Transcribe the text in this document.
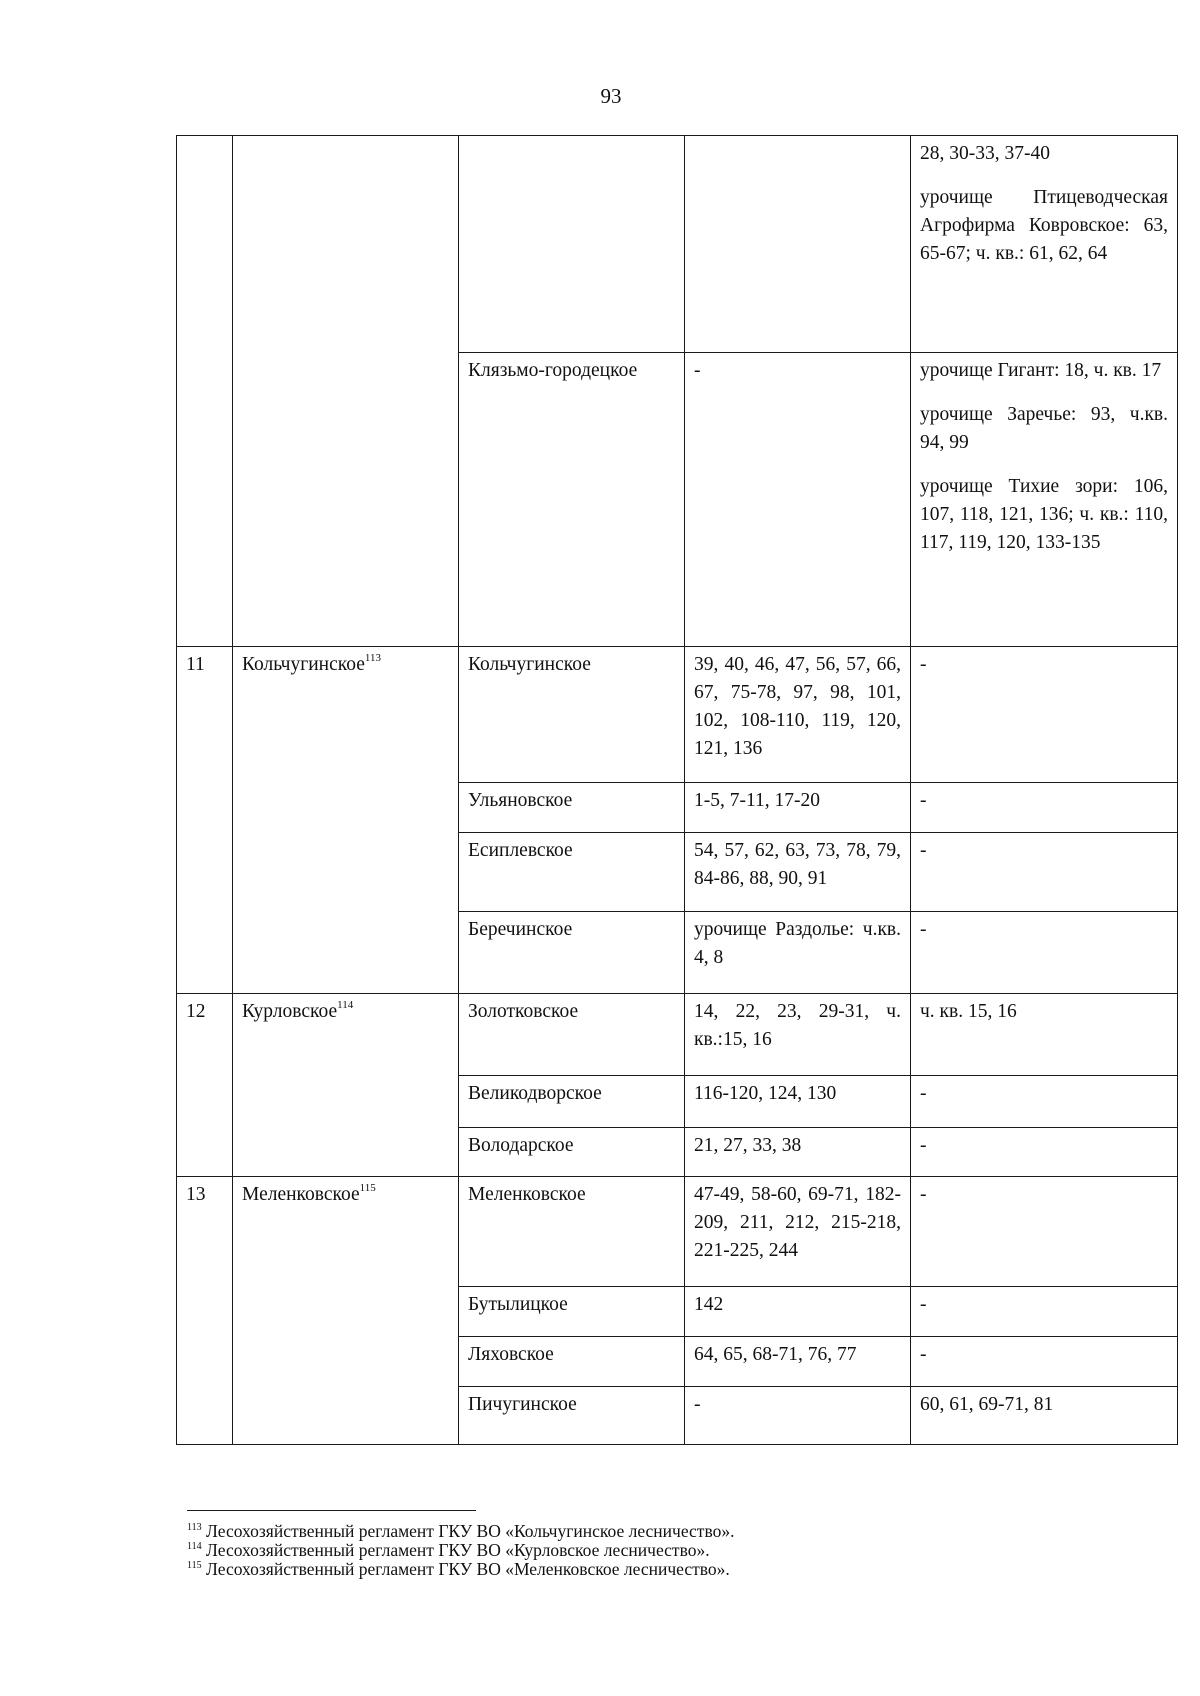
93

				28, 30-33, 37-40
урочище Птицеводческая Агрофирма Ковровское: 63, 65-67; ч. кв.: 61, 62, 64

		Клязьмо-городецкое	-	урочище Гигант: 18, ч. кв. 17
урочище Заречье: 93, ч.кв. 94, 99
урочище Тихие зори: 106, 107, 118, 121, 136; ч. кв.: 110, 117, 119, 120, 133-135

11	Кольчугинское$^{113}$	Кольчугинское	39, 40, 46, 47, 56, 57, 66, 67, 75-78, 97, 98, 101, 102, 108-110, 119, 120, 121, 136	-
		Ульяновское	1-5, 7-11, 17-20	-
		Есиплевское	54, 57, 62, 63, 73, 78, 79, 84-86, 88, 90, 91	-
		Беречинское	урочище Раздолье: ч.кв. 4, 8	-
12	Курловское$^{114}$	Золотковское	14, 22, 23, 29-31, ч. кв.:15, 16	ч. кв. 15, 16
		Великодворское	116-120, 124, 130	-
		Володарское	21, 27, 33, 38	-
13	Меленковское$^{115}$	Меленковское	47-49, 58-60, 69-71, 182-209, 211, 212, 215-218, 221-225, 244	-
		Бутылицкое	142	-
		Ляховское	64, 65, 68-71, 76, 77	-
		Пичугинское	-	60, 61, 69-71, 81
$^{113}$ Лесохозяйственный регламент ГКУ ВО «Кольчугинское лесничество».
$^{114}$ Лесохозяйственный регламент ГКУ ВО «Курловское лесничество».
$^{115}$ Лесохозяйственный регламент ГКУ ВО «Меленковское лесничество».
